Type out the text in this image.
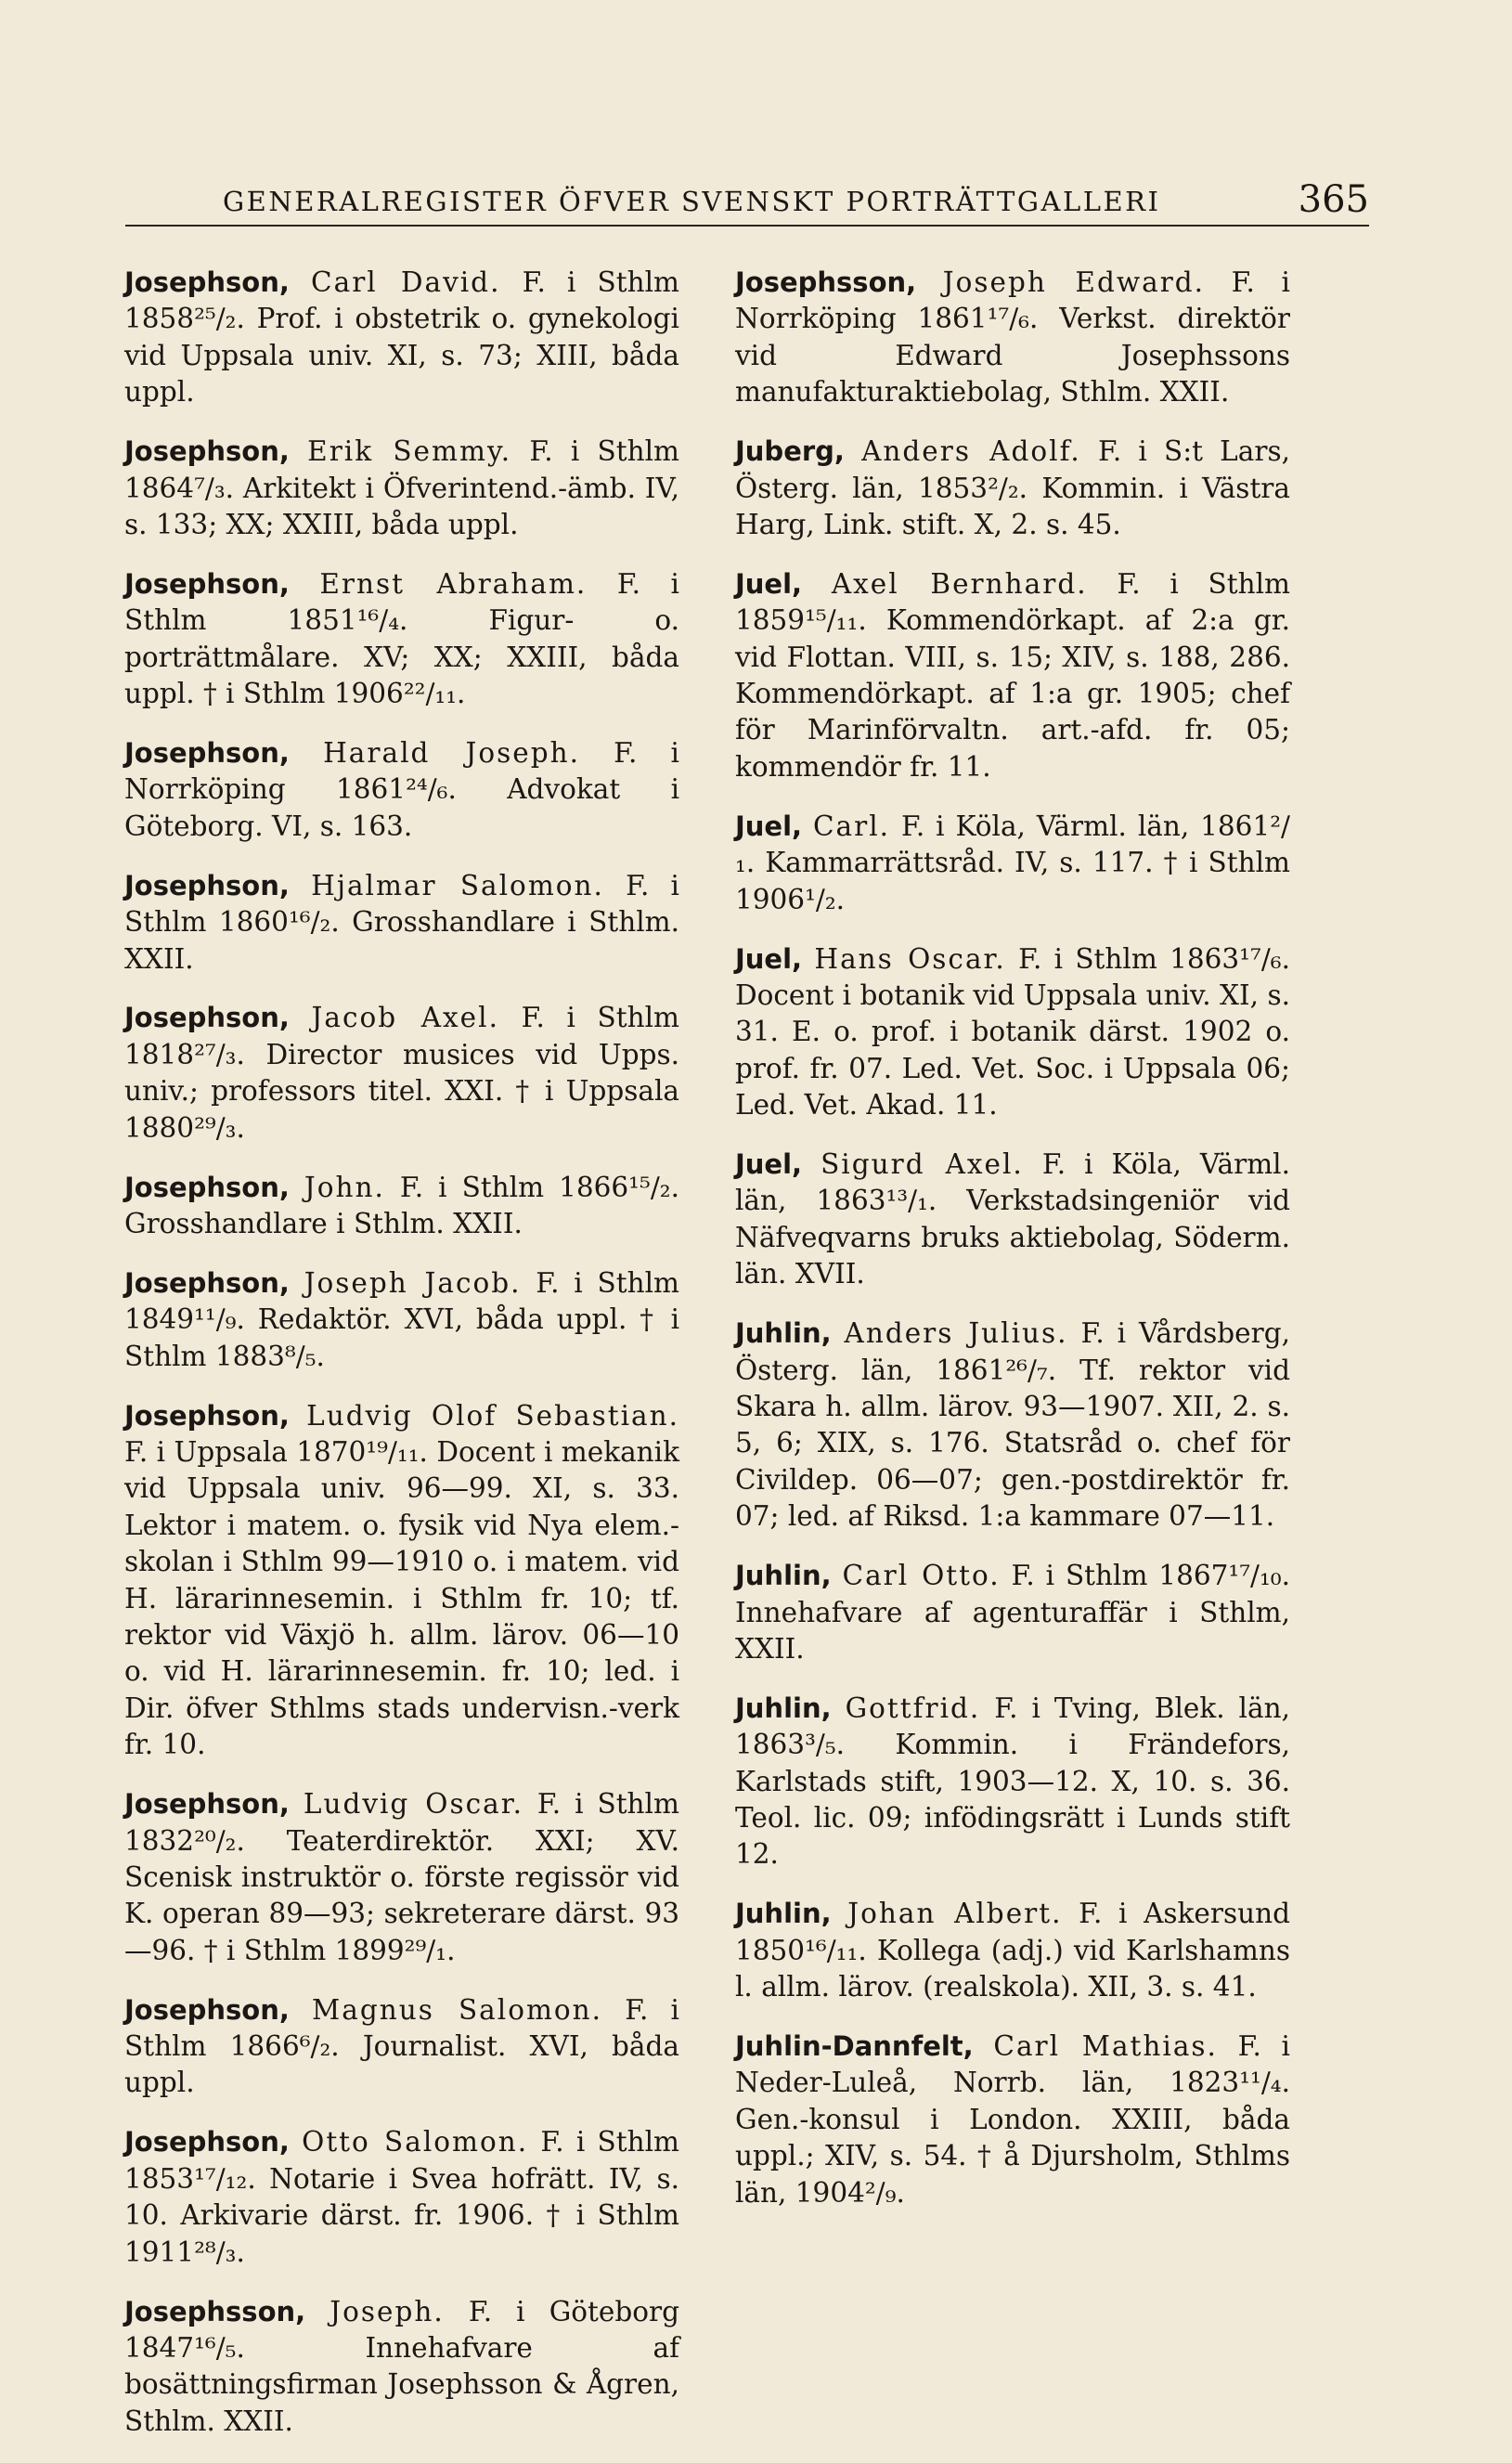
GENERALREGISTER ÖFVER SVENSKT PORTRÄTTGALLERI	365

Josephson, Carl David. F. i Sthlm 1858²⁵/₂. Prof. i obstetrik o. gynekologi vid Uppsala univ. XI, s. 73; XIII, båda uppl.

Josephson, Erik Semmy. F. i Sthlm 1864⁷/₃. Arkitekt i Öfverintend.-ämb. IV, s. 133; XX; XXIII, båda uppl.

Josephson, Ernst Abraham. F. i Sthlm 1851¹⁶/₄. Figur- o. porträttmålare. XV; XX; XXIII, båda uppl. † i Sthlm 1906²²/₁₁.

Josephson, Harald Joseph. F. i Norrköping 1861²⁴/₆. Advokat i Göteborg. VI, s. 163.

Josephson, Hjalmar Salomon. F. i Sthlm 1860¹⁶/₂. Grosshandlare i Sthlm. XXII.

Josephson, Jacob Axel. F. i Sthlm 1818²⁷/₃. Director musices vid Upps. univ.; professors titel. XXI. † i Uppsala 1880²⁹/₃.

Josephson, John. F. i Sthlm 1866¹⁵/₂. Grosshandlare i Sthlm. XXII.

Josephson, Joseph Jacob. F. i Sthlm 1849¹¹/₉. Redaktör. XVI, båda uppl. † i Sthlm 1883⁸/₅.

Josephson, Ludvig Olof Sebastian. F. i Uppsala 1870¹⁹/₁₁. Docent i mekanik vid Uppsala univ. 96—99. XI, s. 33. Lektor i matem. o. fysik vid Nya elem.-skolan i Sthlm 99—1910 o. i matem. vid H. lärarinnesemin. i Sthlm fr. 10; tf. rektor vid Växjö h. allm. lärov. 06—10 o. vid H. lärarinnesemin. fr. 10; led. i Dir. öfver Sthlms stads undervisn.-verk fr. 10.

Josephson, Ludvig Oscar. F. i Sthlm 1832²⁰/₂. Teaterdirektör. XXI; XV. Scenisk instruktör o. förste regissör vid K. operan 89—93; sekreterare därst. 93—96. † i Sthlm 1899²⁹/₁.

Josephson, Magnus Salomon. F. i Sthlm 1866⁶/₂. Journalist. XVI, båda uppl.

Josephson, Otto Salomon. F. i Sthlm 1853¹⁷/₁₂. Notarie i Svea hofrätt. IV, s. 10. Arkivarie därst. fr. 1906. † i Sthlm 1911²⁸/₃.

Josephsson, Joseph. F. i Göteborg 1847¹⁶/₅. Innehafvare af bosättningsfirman Josephsson & Ågren, Sthlm. XXII.

Josephsson, Joseph Edward. F. i Norrköping 1861¹⁷/₆. Verkst. direktör vid Edward Josephssons manufakturaktiebolag, Sthlm. XXII.

Juberg, Anders Adolf. F. i S:t Lars, Österg. län, 1853²/₂. Kommin. i Västra Harg, Link. stift. X, 2. s. 45.

Juel, Axel Bernhard. F. i Sthlm 1859¹⁵/₁₁. Kommendörkapt. af 2:a gr. vid Flottan. VIII, s. 15; XIV, s. 188, 286. Kommendörkapt. af 1:a gr. 1905; chef för Marinförvaltn. art.-afd. fr. 05; kommendör fr. 11.

Juel, Carl. F. i Köla, Värml. län, 1861²/₁. Kammarrättsråd. IV, s. 117. † i Sthlm 1906¹/₂.

Juel, Hans Oscar. F. i Sthlm 1863¹⁷/₆. Docent i botanik vid Uppsala univ. XI, s. 31. E. o. prof. i botanik därst. 1902 o. prof. fr. 07. Led. Vet. Soc. i Uppsala 06; Led. Vet. Akad. 11.

Juel, Sigurd Axel. F. i Köla, Värml. län, 1863¹³/₁. Verkstadsingeniör vid Näfveqvarns bruks aktiebolag, Söderm. län. XVII.

Juhlin, Anders Julius. F. i Vårdsberg, Österg. län, 1861²⁶/₇. Tf. rektor vid Skara h. allm. lärov. 93—1907. XII, 2. s. 5, 6; XIX, s. 176. Statsråd o. chef för Civildep. 06—07; gen.-postdirektör fr. 07; led. af Riksd. 1:a kammare 07—11.

Juhlin, Carl Otto. F. i Sthlm 1867¹⁷/₁₀. Innehafvare af agenturaffär i Sthlm, XXII.

Juhlin, Gottfrid. F. i Tving, Blek. län, 1863³/₅. Kommin. i Frändefors, Karlstads stift, 1903—12. X, 10. s. 36. Teol. lic. 09; infödingsrätt i Lunds stift 12.

Juhlin, Johan Albert. F. i Askersund 1850¹⁶/₁₁. Kollega (adj.) vid Karlshamns l. allm. lärov. (realskola). XII, 3. s. 41.

Juhlin-Dannfelt, Carl Mathias. F. i Neder-Luleå, Norrb. län, 1823¹¹/₄. Gen.-konsul i London. XXIII, båda uppl.; XIV, s. 54. † å Djursholm, Sthlms län, 1904²/₉.
